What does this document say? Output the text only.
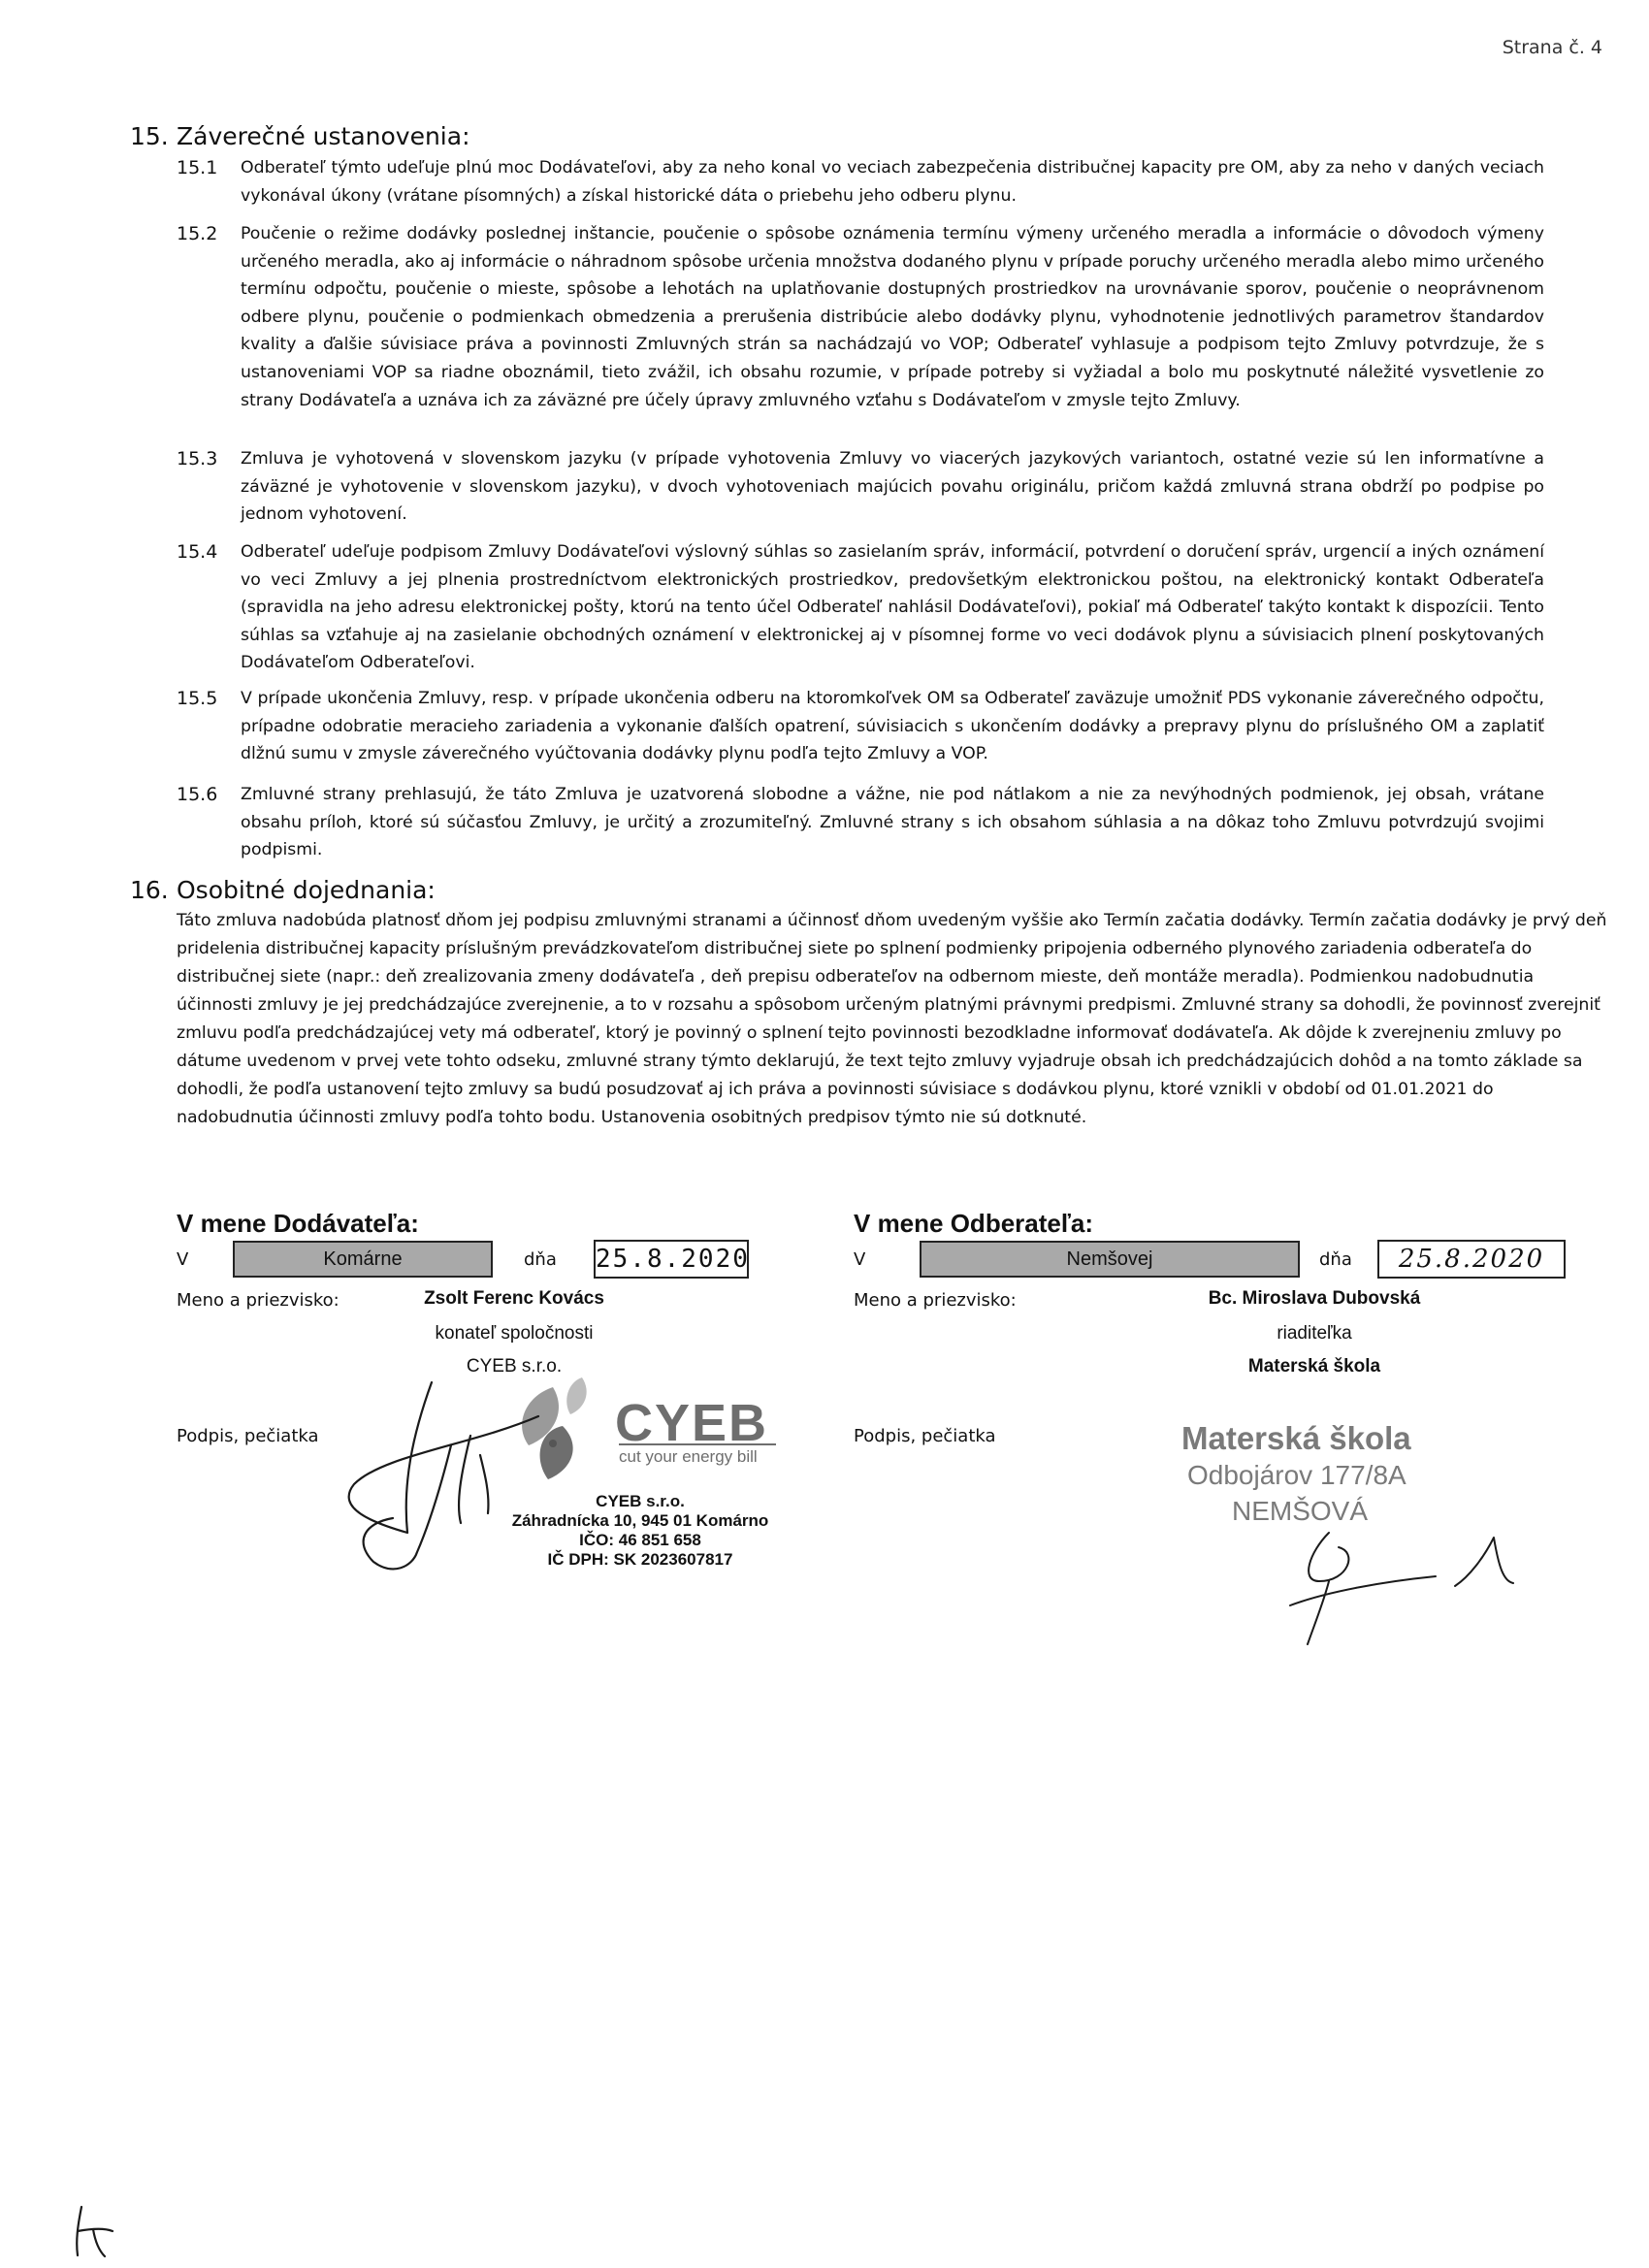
Strana č. 4
15. Záverečné ustanovenia:
15.1	Odberateľ týmto udeľuje plnú moc Dodávateľovi, aby za neho konal vo veciach zabezpečenia distribučnej kapacity pre OM, aby za neho v daných veciach vykonával úkony (vrátane písomných) a získal historické dáta o priebehu jeho odberu plynu.
15.2	Poučenie o režime dodávky poslednej inštancie, poučenie o spôsobe oznámenia termínu výmeny určeného meradla a informácie o dôvodoch výmeny určeného meradla, ako aj informácie o náhradnom spôsobe určenia množstva dodaného plynu v prípade poruchy určeného meradla alebo mimo určeného termínu odpočtu, poučenie o mieste, spôsobe a lehotách na uplatňovanie dostupných prostriedkov na urovnávanie sporov, poučenie o neoprávnenom odbere plynu, poučenie o podmienkach obmedzenia a prerušenia distribúcie alebo dodávky plynu, vyhodnotenie jednotlivých parametrov štandardov kvality a ďalšie súvisiace práva a povinnosti Zmluvných strán sa nachádzajú vo VOP; Odberateľ vyhlasuje a podpisom tejto Zmluvy potvrdzuje, že s ustanoveniami VOP sa riadne oboznámil, tieto zvážil, ich obsahu rozumie, v prípade potreby si vyžiadal a bolo mu poskytnuté náležité vysvetlenie zo strany Dodávateľa a uznáva ich za záväzné pre účely úpravy zmluvného vzťahu s Dodávateľom v zmysle tejto Zmluvy.
15.3	Zmluva je vyhotovená v slovenskom jazyku (v prípade vyhotovenia Zmluvy vo viacerých jazykových variantoch, ostatné vezie sú len informatívne a záväzné je vyhotovenie v slovenskom jazyku), v dvoch vyhotoveniach majúcich povahu originálu, pričom každá zmluvná strana obdrží po podpise po jednom vyhotovení.
15.4	Odberateľ udeľuje podpisom Zmluvy Dodávateľovi výslovný súhlas so zasielaním správ, informácií, potvrdení o doručení správ, urgencií a iných oznámení vo veci Zmluvy a jej plnenia prostredníctvom elektronických prostriedkov, predovšetkým elektronickou poštou, na elektronický kontakt Odberateľa (spravidla na jeho adresu elektronickej pošty, ktorú na tento účel Odberateľ nahlásil Dodávateľovi), pokiaľ má Odberateľ takýto kontakt k dispozícii. Tento súhlas sa vzťahuje aj na zasielanie obchodných oznámení v elektronickej aj v písomnej forme vo veci dodávok plynu a súvisiacich plnení poskytovaných Dodávateľom Odberateľovi.
15.5	V prípade ukončenia Zmluvy, resp. v prípade ukončenia odberu na ktoromkoľvek OM sa Odberateľ zaväzuje umožniť PDS vykonanie záverečného odpočtu, prípadne odobratie meracieho zariadenia a vykonanie ďalších opatrení, súvisiacich s ukončením dodávky a prepravy plynu do príslušného OM a zaplatiť dlžnú sumu v zmysle záverečného vyúčtovania dodávky plynu podľa tejto Zmluvy a VOP.
15.6	Zmluvné strany prehlasujú, že táto Zmluva je uzatvorená slobodne a vážne, nie pod nátlakom a nie za nevýhodných podmienok, jej obsah, vrátane obsahu príloh, ktoré sú súčasťou Zmluvy, je určitý a zrozumiteľný. Zmluvné strany s ich obsahom súhlasia a na dôkaz toho Zmluvu potvrdzujú svojimi podpismi.
16. Osobitné dojednania:
Táto zmluva nadobúda platnosť dňom jej podpisu zmluvnými stranami a účinnosť dňom uvedeným vyššie ako Termín začatia dodávky. Termín začatia dodávky je prvý deň pridelenia distribučnej kapacity príslušným prevádzkovateľom distribučnej siete po splnení podmienky pripojenia odberného plynového zariadenia odberateľa do distribučnej siete (napr.: deň zrealizovania zmeny dodávateľa , deň prepisu odberateľov na odbernom mieste, deň montáže meradla). Podmienkou nadobudnutia účinnosti zmluvy je jej predchádzajúce zverejnenie, a to v rozsahu a spôsobom určeným platnými právnymi predpismi. Zmluvné strany sa dohodli, že povinnosť zverejniť zmluvu podľa predchádzajúcej vety má odberateľ, ktorý je povinný o splnení tejto povinnosti bezodkladne informovať dodávateľa. Ak dôjde k zverejneniu zmluvy po dátume uvedenom v prvej vete tohto odseku, zmluvné strany týmto deklarujú, že text tejto zmluvy vyjadruje obsah ich predchádzajúcich dohôd a na tomto základe sa dohodli, že podľa ustanovení tejto zmluvy sa budú posudzovať aj ich práva a povinnosti súvisiace s dodávkou plynu, ktoré vznikli v období od 01.01.2021 do nadobudnutia účinnosti zmluvy podľa tohto bodu. Ustanovenia osobitných predpisov týmto nie sú dotknuté.
V mene Dodávateľa:
V	Komárne	dňa 25.8.2020
Meno a priezvisko:	Zsolt Ferenc Kovács
konateľ spoločnosti
CYEB s.r.o.
Podpis, pečiatka	CYEB
cut your energy bill
CYEB s.r.o.
Záhradnícka 10, 945 01 Komárno
IČO: 46 851 658
IČ DPH: SK 2023607817
V mene Odberateľa:
V	Nemšovej	dňa	25.8.2020
Meno a priezvisko:	Bc. Miroslava Dubovská
riaditeľka
Materská škola
Podpis, pečiatka	Materská škola
Odbojárov 177/8A
NEMŠOVÁ
